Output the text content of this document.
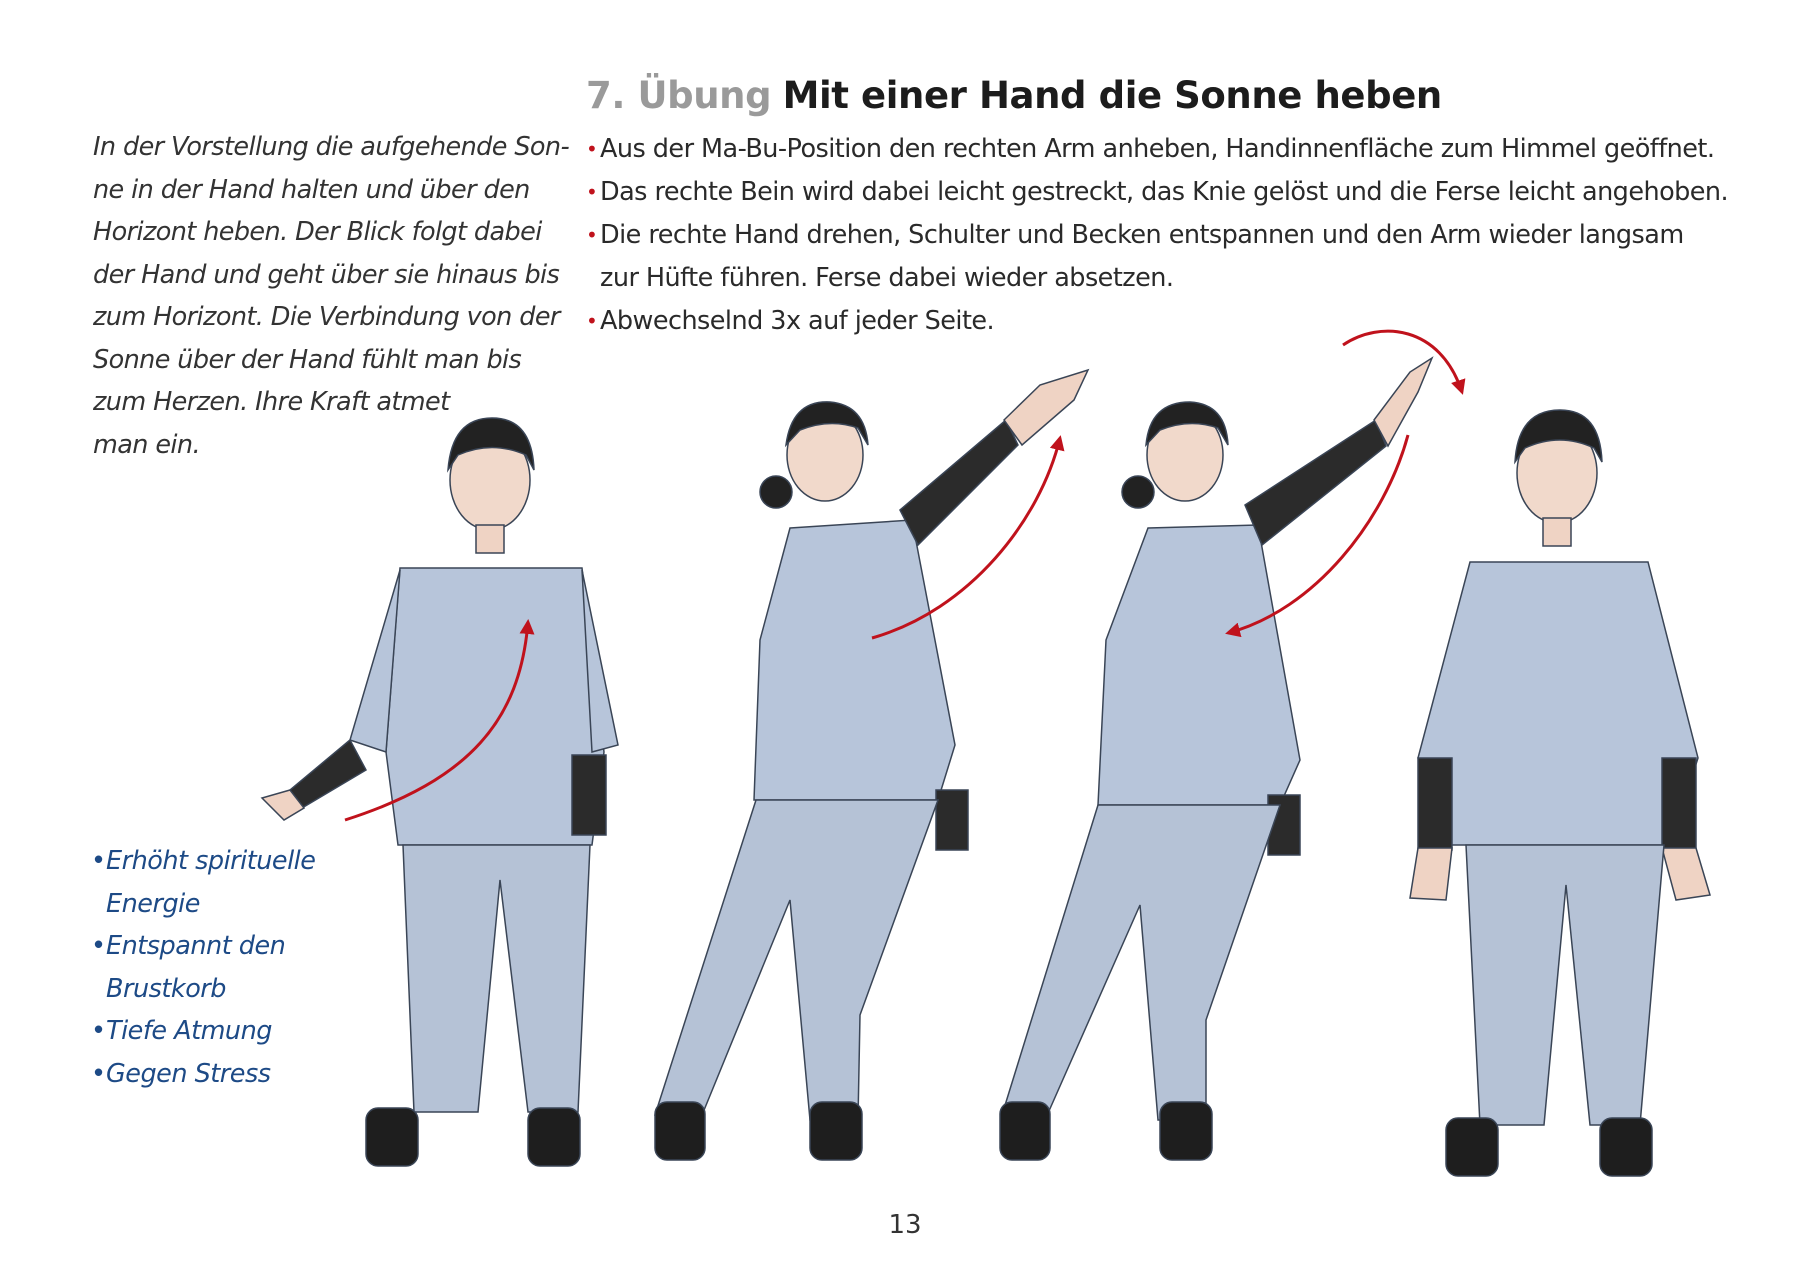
7. Übung Mit einer Hand die Sonne heben
• Aus der Ma-Bu-Position den rechten Arm anheben, Handinnenfläche zum Himmel geöffnet.
• Das rechte Bein wird dabei leicht gestreckt, das Knie gelöst und die Ferse leicht angehoben.
• Die rechte Hand drehen, Schulter und Becken entspannen und den Arm wieder langsam
zur Hüfte führen. Ferse dabei wieder absetzen.
• Abwechselnd 3x auf jeder Seite.

In der Vorstellung die aufgehende Son-
ne in der Hand halten und über den
Horizont heben. Der Blick folgt dabei
der Hand und geht über sie hinaus bis
zum Horizont. Die Verbindung von der
Sonne über der Hand fühlt man bis
zum Herzen. Ihre Kraft atmet
man ein.

• Erhöht spirituelle
Energie
• Entspannt den
Brustkorb
• Tiefe Atmung
• Gegen Stress
13
